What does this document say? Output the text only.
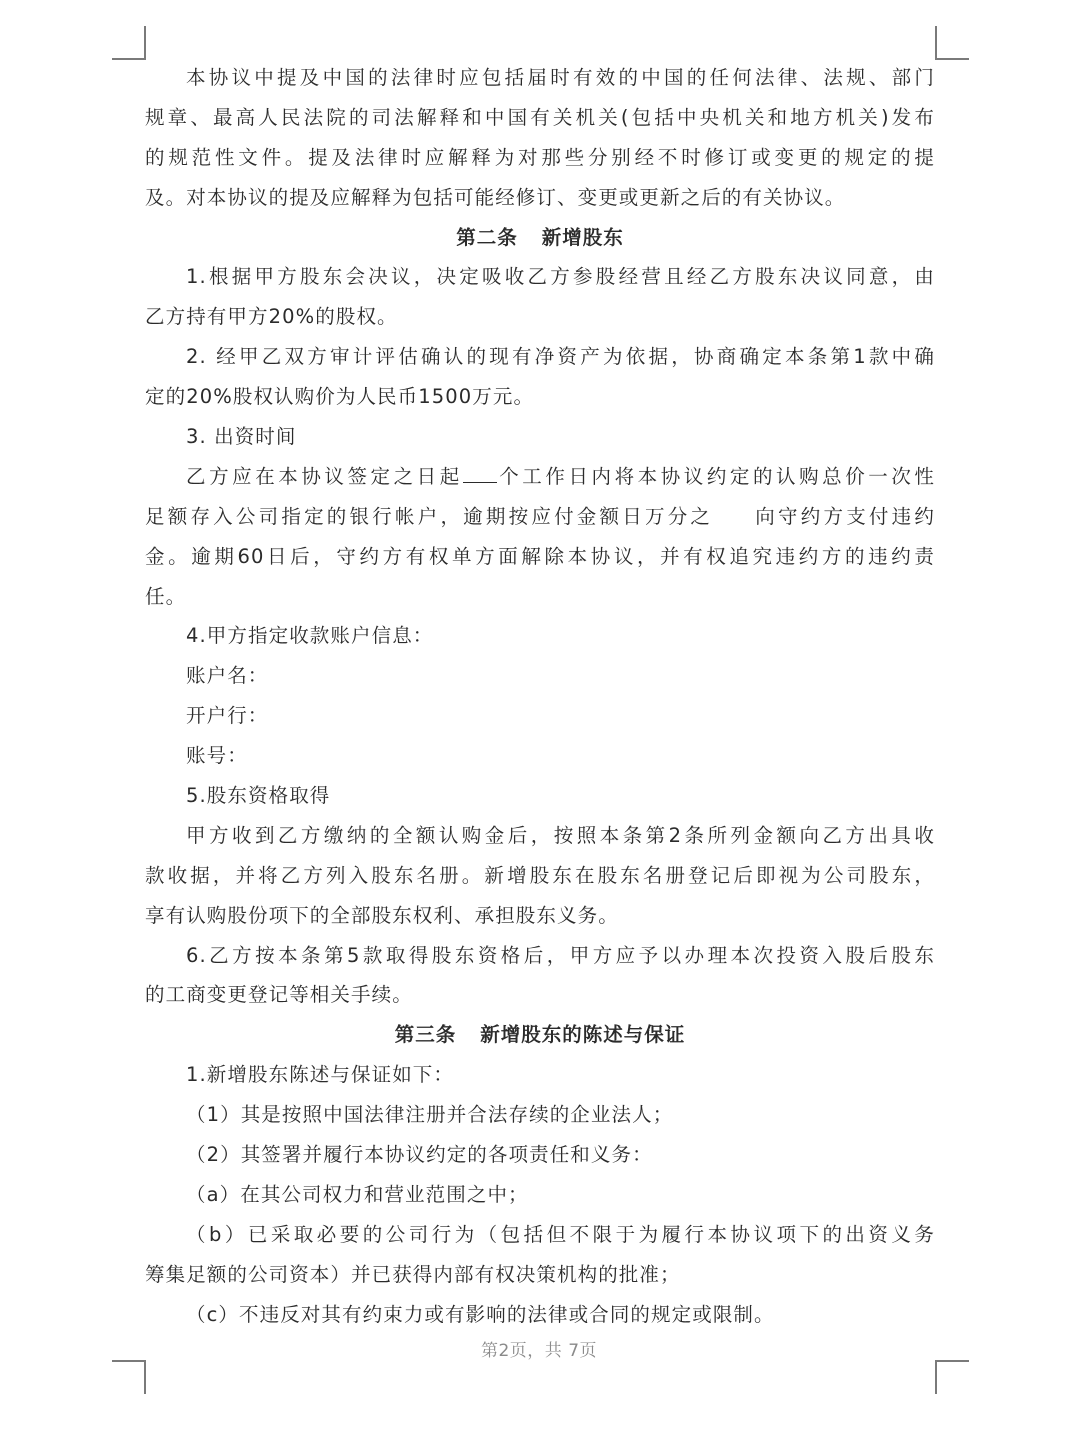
本协议中提及中国的法律时应包括届时有效的中国的任何法律、法规、部门
规章、最高人民法院的司法解释和中国有关机关(包括中央机关和地方机关)发布
的规范性文件。提及法律时应解释为对那些分别经不时修订或变更的规定的提
及。对本协议的提及应解释为包括可能经修订、变更或更新之后的有关协议。
第二条 新增股东
1.根据甲方股东会决议，决定吸收乙方参股经营且经乙方股东决议同意，由
乙方持有甲方20%的股权。
2. 经甲乙双方审计评估确认的现有净资产为依据，协商确定本条第1款中确
定的20%股权认购价为人民币1500万元。
3. 出资时间
乙方应在本协议签定之日起 个工作日内将本协议约定的认购总价一次性
足额存入公司指定的银行帐户，逾期按应付金额日万分之 向守约方支付违约
金。逾期60日后，守约方有权单方面解除本协议，并有权追究违约方的违约责
任。
4.甲方指定收款账户信息：
账户名：
开户行：
账号：
5.股东资格取得
甲方收到乙方缴纳的全额认购金后，按照本条第2条所列金额向乙方出具收
款收据，并将乙方列入股东名册。新增股东在股东名册登记后即视为公司股东，
享有认购股份项下的全部股东权利、承担股东义务。
6.乙方按本条第5款取得股东资格后，甲方应予以办理本次投资入股后股东
的工商变更登记等相关手续。
第三条 新增股东的陈述与保证
1.新增股东陈述与保证如下：
（1）其是按照中国法律注册并合法存续的企业法人；
（2）其签署并履行本协议约定的各项责任和义务：
（a）在其公司权力和营业范围之中；
（b）已采取必要的公司行为（包括但不限于为履行本协议项下的出资义务
筹集足额的公司资本）并已获得内部有权决策机构的批准；
（c）不违反对其有约束力或有影响的法律或合同的规定或限制。
第2页，共 7页
